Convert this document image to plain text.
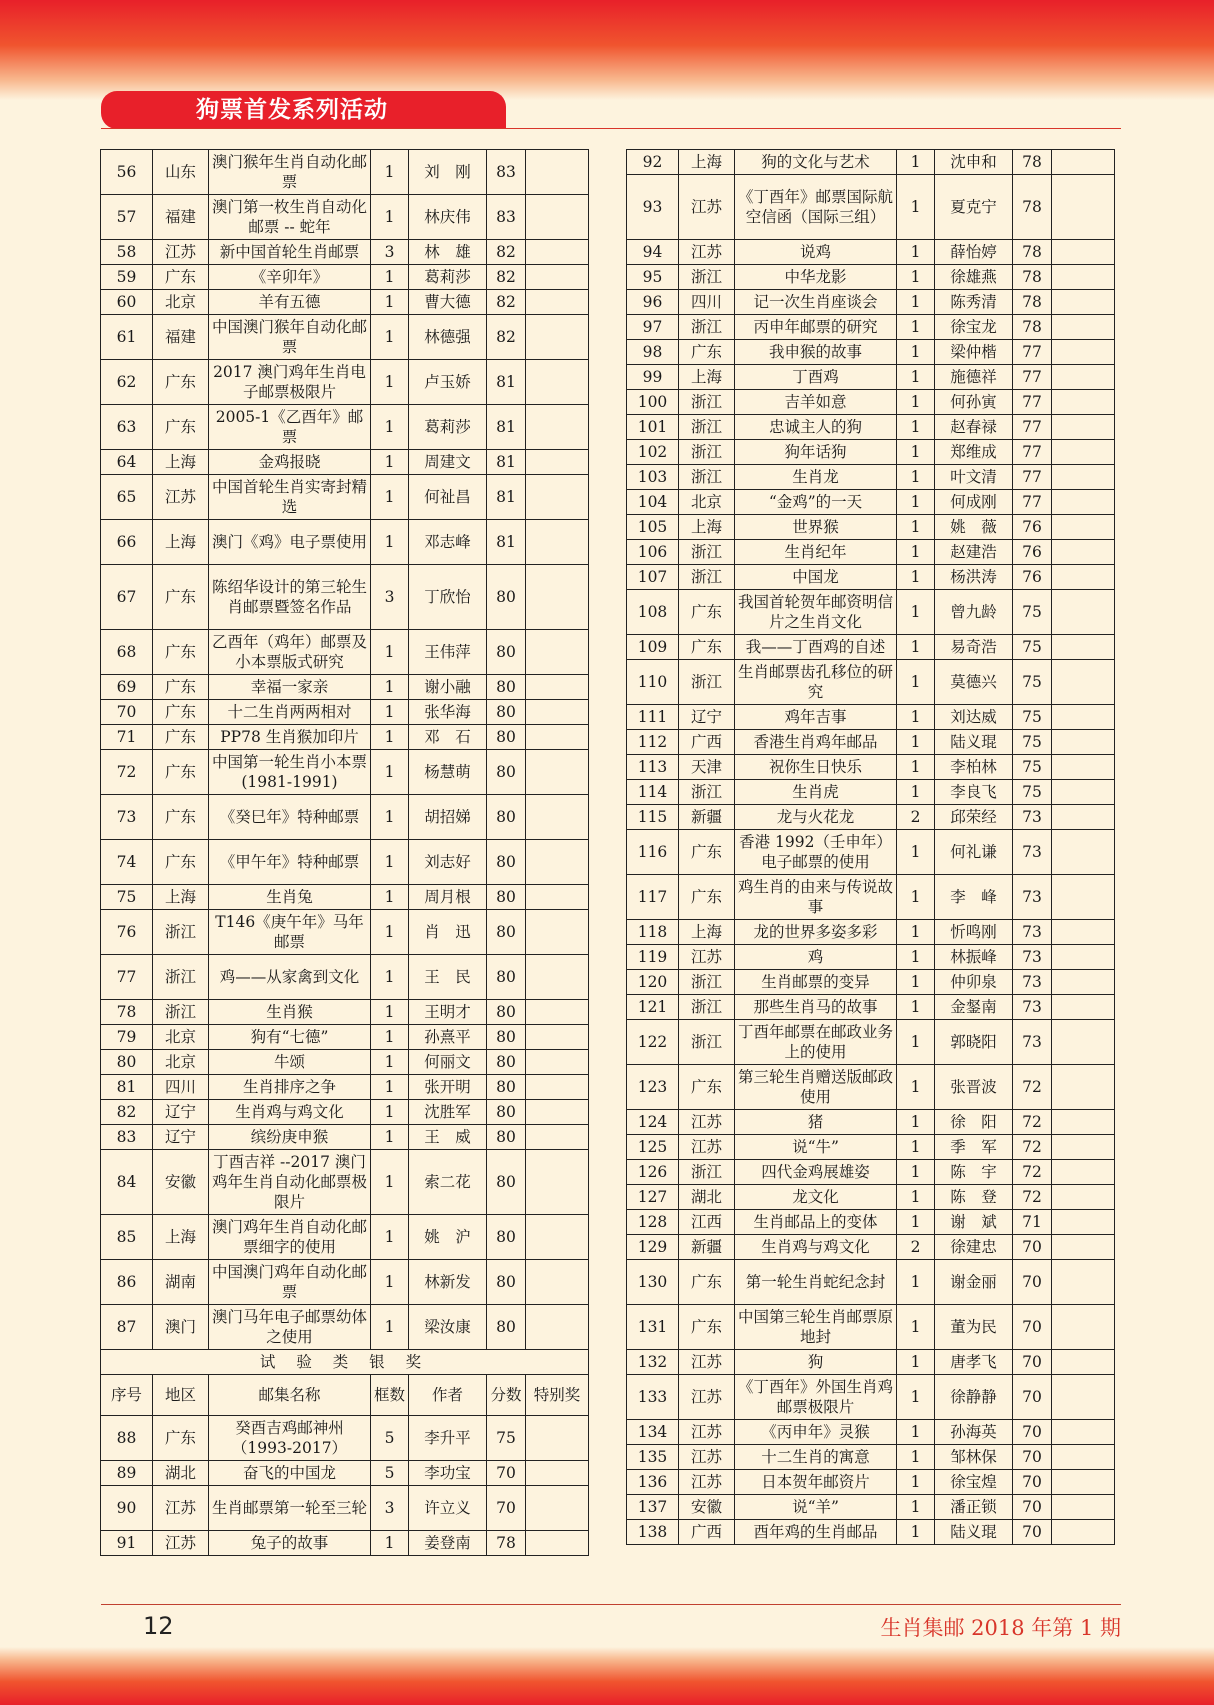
狗票首发系列活动
56	山东	澳门猴年生肖自动化邮票	1	刘　刚	83	
57	福建	澳门第一枚生肖自动化邮票 -- 蛇年	1	林庆伟	83	
58	江苏	新中国首轮生肖邮票	3	林　雄	82	
59	广东	《辛卯年》	1	葛莉莎	82	
60	北京	羊有五德	1	曹大德	82	
61	福建	中国澳门猴年自动化邮票	1	林德强	82	
62	广东	2017 澳门鸡年生肖电子邮票极限片	1	卢玉娇	81	
63	广东	2005-1《乙酉年》邮票	1	葛莉莎	81	
64	上海	金鸡报晓	1	周建文	81	
65	江苏	中国首轮生肖实寄封精选	1	何祉昌	81	
66	上海	澳门《鸡》电子票使用	1	邓志峰	81	
67	广东	陈绍华设计的第三轮生肖邮票暨签名作品	3	丁欣怡	80	
68	广东	乙酉年（鸡年）邮票及小本票版式研究	1	王伟萍	80	
69	广东	幸福一家亲	1	谢小融	80	
70	广东	十二生肖两两相对	1	张华海	80	
71	广东	PP78 生肖猴加印片	1	邓　石	80	
72	广东	中国第一轮生肖小本票 (1981-1991)	1	杨慧萌	80	
73	广东	《癸巳年》特种邮票	1	胡招娣	80	
74	广东	《甲午年》特种邮票	1	刘志好	80	
75	上海	生肖兔	1	周月根	80	
76	浙江	T146《庚午年》马年邮票	1	肖　迅	80	
77	浙江	鸡——从家禽到文化	1	王　民	80	
78	浙江	生肖猴	1	王明才	80	
79	北京	狗有“七德”	1	孙熹平	80	
80	北京	牛颂	1	何丽文	80	
81	四川	生肖排序之争	1	张开明	80	
82	辽宁	生肖鸡与鸡文化	1	沈胜军	80	
83	辽宁	缤纷庚申猴	1	王　威	80	
84	安徽	丁酉吉祥 --2017 澳门鸡年生肖自动化邮票极限片	1	索二花	80	
85	上海	澳门鸡年生肖自动化邮票细字的使用	1	姚　沪	80	
86	湖南	中国澳门鸡年自动化邮票	1	林新发	80	
87	澳门	澳门马年电子邮票幼体之使用	1	梁汝康	80	
试 验 类 银 奖						
序号	地区	邮集名称	框数	作者	分数	特别奖
88	广东	癸酉吉鸡邮神州（1993-2017）	5	李升平	75	
89	湖北	奋飞的中国龙	5	李功宝	70	
90	江苏	生肖邮票第一轮至三轮	3	许立义	70	
91	江苏	兔子的故事	1	姜登南	78	
92	上海	狗的文化与艺术	1	沈申和	78	
93	江苏	《丁酉年》邮票国际航空信函（国际三组）	1	夏克宁	78	
94	江苏	说鸡	1	薛怡婷	78	
95	浙江	中华龙影	1	徐雄燕	78	
96	四川	记一次生肖座谈会	1	陈秀清	78	
97	浙江	丙申年邮票的研究	1	徐宝龙	78	
98	广东	我申猴的故事	1	梁仲楷	77	
99	上海	丁酉鸡	1	施德祥	77	
100	浙江	吉羊如意	1	何孙寅	77	
101	浙江	忠诚主人的狗	1	赵春禄	77	
102	浙江	狗年话狗	1	郑维成	77	
103	浙江	生肖龙	1	叶文清	77	
104	北京	“金鸡”的一天	1	何成刚	77	
105	上海	世界猴	1	姚　薇	76	
106	浙江	生肖纪年	1	赵建浩	76	
107	浙江	中国龙	1	杨洪涛	76	
108	广东	我国首轮贺年邮资明信片之生肖文化	1	曾九龄	75	
109	广东	我——丁酉鸡的自述	1	易奇浩	75	
110	浙江	生肖邮票齿孔移位的研究	1	莫德兴	75	
111	辽宁	鸡年吉事	1	刘达威	75	
112	广西	香港生肖鸡年邮品	1	陆义琨	75	
113	天津	祝你生日快乐	1	李柏林	75	
114	浙江	生肖虎	1	李良飞	75	
115	新疆	龙与火花龙	2	邱荣经	73	
116	广东	香港 1992（壬申年）电子邮票的使用	1	何礼谦	73	
117	广东	鸡生肖的由来与传说故事	1	李　峰	73	
118	上海	龙的世界多姿多彩	1	忻鸣刚	73	
119	江苏	鸡	1	林振峰	73	
120	浙江	生肖邮票的变异	1	仲卯泉	73	
121	浙江	那些生肖马的故事	1	金錖南	73	
122	浙江	丁酉年邮票在邮政业务上的使用	1	郭晓阳	73	
123	广东	第三轮生肖赠送版邮政使用	1	张晋波	72	
124	江苏	猪	1	徐　阳	72	
125	江苏	说“牛”	1	季　军	72	
126	浙江	四代金鸡展雄姿	1	陈　宇	72	
127	湖北	龙文化	1	陈　登	72	
128	江西	生肖邮品上的变体	1	谢　斌	71	
129	新疆	生肖鸡与鸡文化	2	徐建忠	70	
130	广东	第一轮生肖蛇纪念封	1	谢金丽	70	
131	广东	中国第三轮生肖邮票原地封	1	董为民	70	
132	江苏	狗	1	唐孝飞	70	
133	江苏	《丁酉年》外国生肖鸡邮票极限片	1	徐静静	70	
134	江苏	《丙申年》灵猴	1	孙海英	70	
135	江苏	十二生肖的寓意	1	邹林保	70	
136	江苏	日本贺年邮资片	1	徐宝煌	70	
137	安徽	说“羊”	1	潘正锁	70	
138	广西	酉年鸡的生肖邮品	1	陆义琨	70	
12	生肖集邮 2018 年第 1 期
